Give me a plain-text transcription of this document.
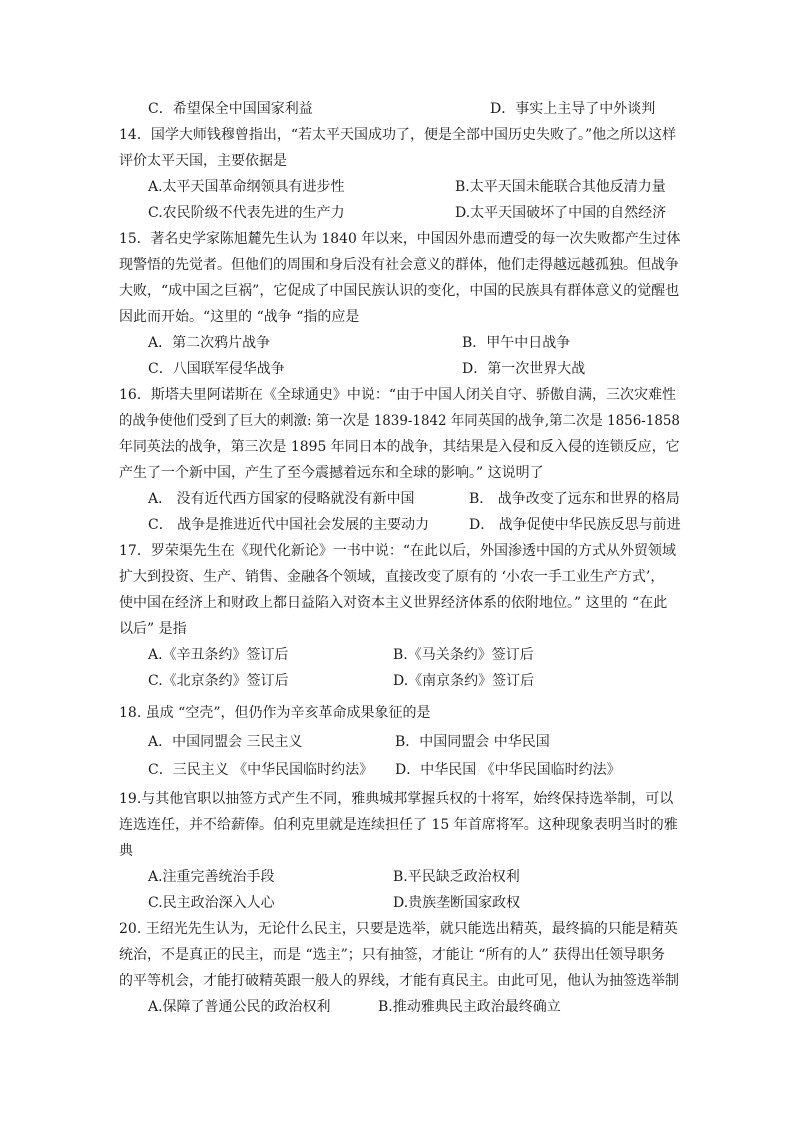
C．希望保全中国国家利益	D．事实上主导了中外谈判
14．国学大师钱穆曾指出，“若太平天国成功了，便是全部中国历史失败了。”他之所以这样
评价太平天国，主要依据是
A.太平天国革命纲领具有进步性	B.太平天国未能联合其他反清力量
C.农民阶级不代表先进的生产力	D.太平天国破坏了中国的自然经济
15．著名史学家陈旭麓先生认为 1840 年以来，中国因外患而遭受的每一次失败都产生过体
现警悟的先觉者。但他们的周围和身后没有社会意义的群体，他们走得越远越孤独。但战争
大败，“成中国之巨祸”，它促成了中国民族认识的变化，中国的民族具有群体意义的觉醒也
因此而开始。“这里的 “战争 “指的应是
A．第二次鸦片战争	B．甲午中日战争
C．八国联军侵华战争	D．第一次世界大战
16．斯塔夫里阿诺斯在《全球通史》中说：“由于中国人闭关自守、骄傲自满，三次灾难性
的战争使他们受到了巨大的刺激: 第一次是 1839-1842 年同英国的战争,第二次是 1856-1858
年同英法的战争，第三次是 1895 年同日本的战争，其结果是入侵和反入侵的连锁反应，它
产生了一个新中国，产生了至今震撼着远东和全球的影响。” 这说明了
A． 没有近代西方国家的侵略就没有新中国	B． 战争改变了远东和世界的格局
C． 战争是推进近代中国社会发展的主要动力	D． 战争促使中华民族反思与前进
17．罗荣渠先生在《现代化新论》一书中说：“在此以后，外国渗透中国的方式从外贸领域
扩大到投资、生产、销售、金融各个领域，直接改变了原有的 ‘小农一手工业生产方式’，
使中国在经济上和财政上都日益陷入对资本主义世界经济体系的依附地位。” 这里的 “在此
以后” 是指
A.《辛丑条约》签订后	B.《马关条约》签订后
C.《北京条约》签订后	D.《南京条约》签订后
18. 虽成 “空壳”，但仍作为辛亥革命成果象征的是
A．中国同盟会 三民主义	B．中国同盟会 中华民国
C．三民主义 《中华民国临时约法》 D．中华民国 《中华民国临时约法》
19.与其他官职以抽签方式产生不同，雅典城邦掌握兵权的十将军，始终保持选举制，可以
连选连任，并不给薪俸。伯利克里就是连续担任了 15 年首席将军。这种现象表明当时的雅
典
A.注重完善统治手段	B.平民缺乏政治权利
C.民主政治深入人心	D.贵族垄断国家政权
20. 王绍光先生认为，无论什么民主，只要是选举，就只能选出精英，最终搞的只能是精英
统治，不是真正的民主，而是 “选主”；只有抽签，才能让 “所有的人” 获得出任领导职务
的平等机会，才能打破精英跟一般人的界线，才能有真民主。由此可见，他认为抽签选举制
A.保障了普通公民的政治权利	B.推动雅典民主政治最终确立
